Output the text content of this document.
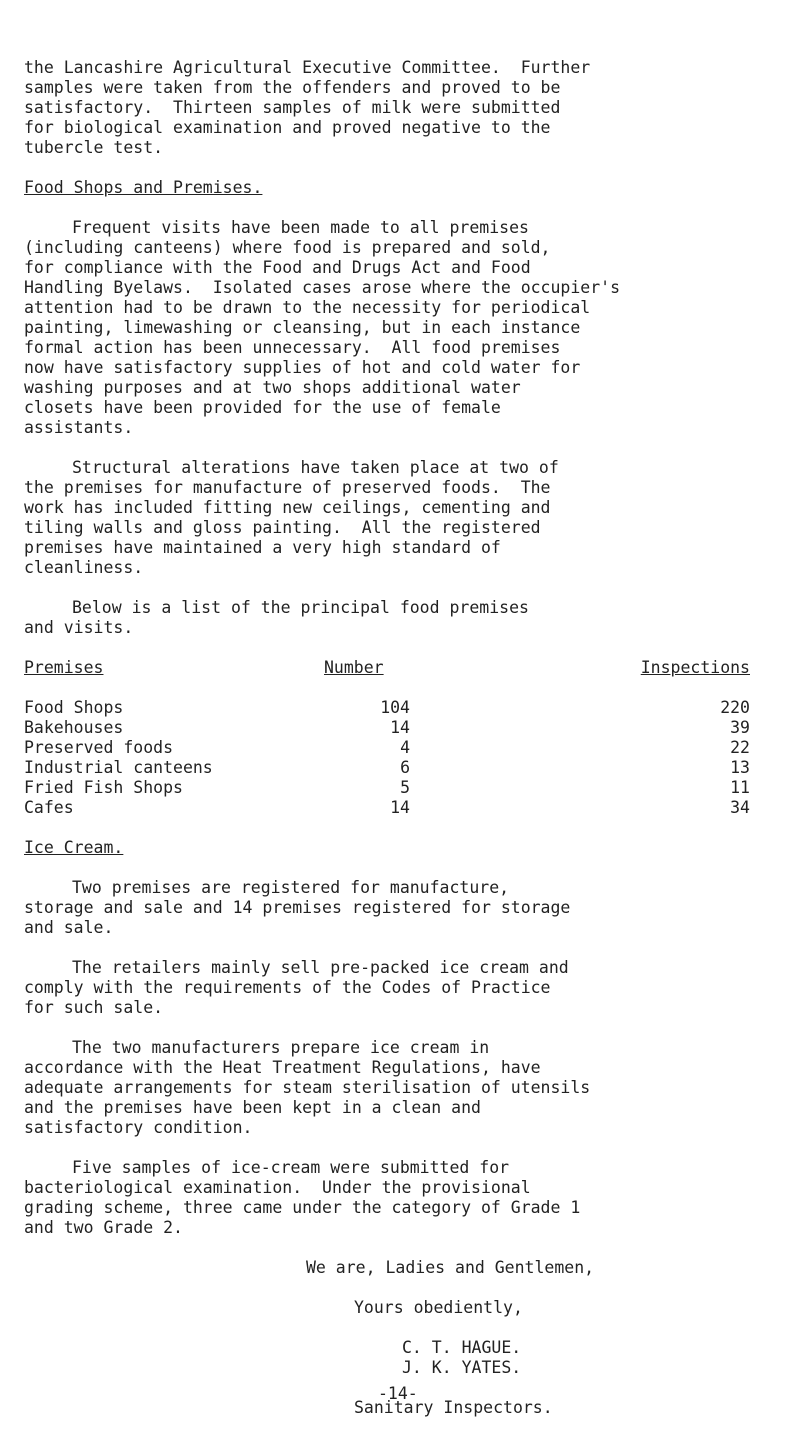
the Lancashire Agricultural Executive Committee.  Further

samples were taken from the offenders and proved to be

satisfactory.  Thirteen samples of milk were submitted

for biological examination and proved negative to the

tubercle test.

Food Shops and Premises.

Frequent visits have been made to all premises

(including canteens) where food is prepared and sold,

for compliance with the Food and Drugs Act and Food

Handling Byelaws.  Isolated cases arose where the occupier's

attention had to be drawn to the necessity for periodical

painting, limewashing or cleansing, but in each instance

formal action has been unnecessary.  All food premises

now have satisfactory supplies of hot and cold water for

washing purposes and at two shops additional water

closets have been provided for the use of female

assistants.

Structural alterations have taken place at two of

the premises for manufacture of preserved foods.  The

work has included fitting new ceilings, cementing and

tiling walls and gloss painting.  All the registered

premises have maintained a very high standard of

cleanliness.

Below is a list of the principal food premises

and visits.

Premises	Number	Inspections
Food Shops	104	220
Bakehouses	14	39
Preserved foods	4	22
Industrial canteens	6	13
Fried Fish Shops	5	11
Cafes	14	34

Ice Cream.

Two premises are registered for manufacture,

storage and sale and 14 premises registered for storage

and sale.

The retailers mainly sell pre-packed ice cream and

comply with the requirements of the Codes of Practice

for such sale.

The two manufacturers prepare ice cream in

accordance with the Heat Treatment Regulations, have

adequate arrangements for steam sterilisation of utensils

and the premises have been kept in a clean and

satisfactory condition.

Five samples of ice-cream were submitted for

bacteriological examination.  Under the provisional

grading scheme, three came under the category of Grade 1

and two Grade 2.

We are, Ladies and Gentlemen,

Yours obediently,

C. T. HAGUE.

J. K. YATES.

Sanitary Inspectors.

-14-
